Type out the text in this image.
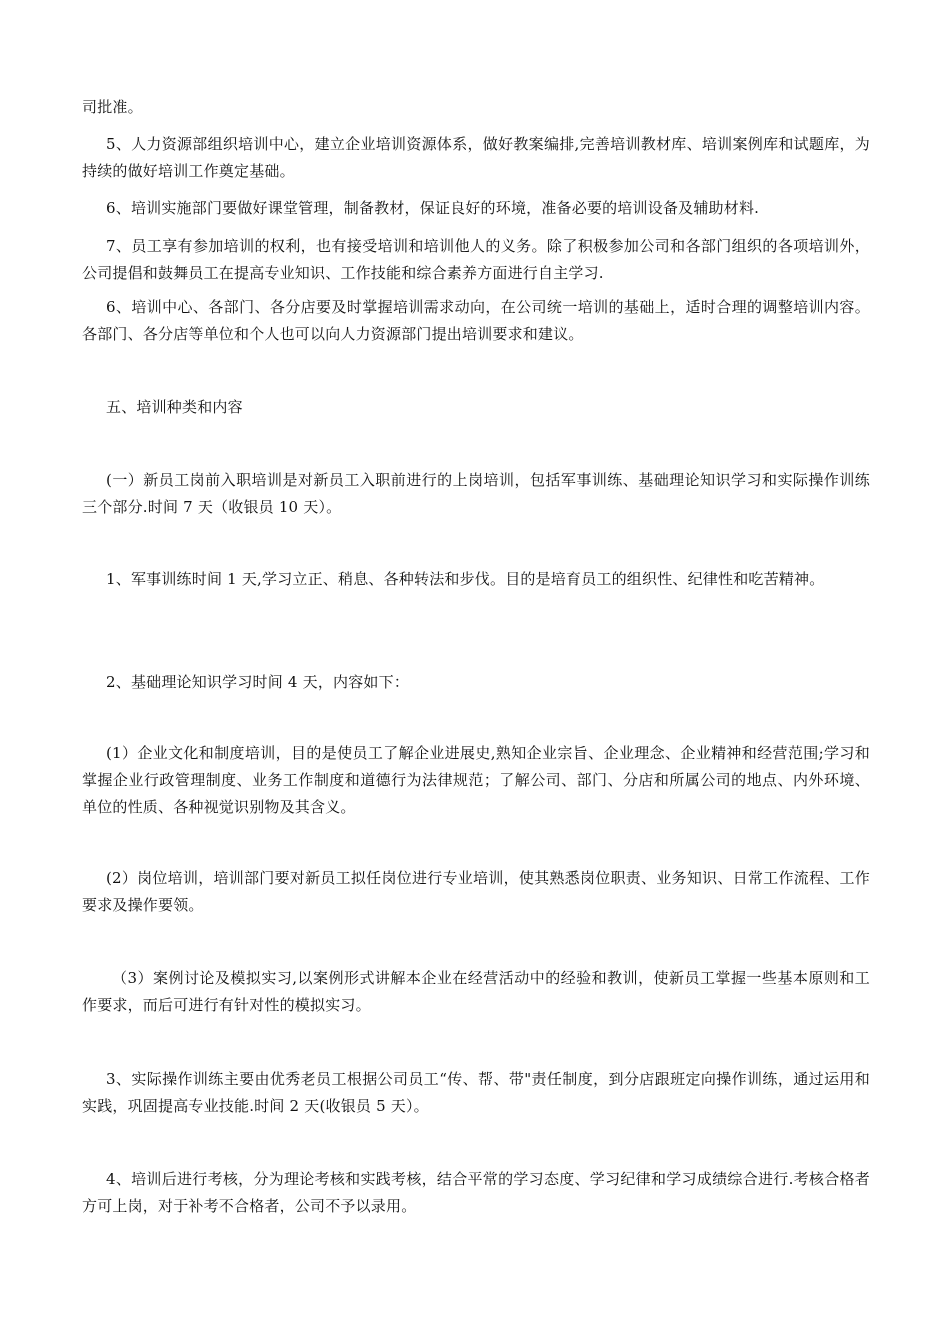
司批准。

5、人力资源部组织培训中心，建立企业培训资源体系，做好教案编排,完善培训教材库、培训案例库和试题库，为持续的做好培训工作奠定基础。

6、培训实施部门要做好课堂管理，制备教材，保证良好的环境，准备必要的培训设备及辅助材料.

7、员工享有参加培训的权利，也有接受培训和培训他人的义务。除了积极参加公司和各部门组织的各项培训外，公司提倡和鼓舞员工在提高专业知识、工作技能和综合素养方面进行自主学习.

6、培训中心、各部门、各分店要及时掌握培训需求动向，在公司统一培训的基础上，适时合理的调整培训内容。各部门、各分店等单位和个人也可以向人力资源部门提出培训要求和建议。

五、培训种类和内容

(一）新员工岗前入职培训是对新员工入职前进行的上岗培训，包括军事训练、基础理论知识学习和实际操作训练三个部分.时间 7 天（收银员 10 天）。

1、军事训练时间 1 天,学习立正、稍息、各种转法和步伐。目的是培育员工的组织性、纪律性和吃苦精神。

2、基础理论知识学习时间 4 天，内容如下：

(1）企业文化和制度培训，目的是使员工了解企业进展史,熟知企业宗旨、企业理念、企业精神和经营范围;学习和掌握企业行政管理制度、业务工作制度和道德行为法律规范；了解公司、部门、分店和所属公司的地点、内外环境、单位的性质、各种视觉识别物及其含义。

(2）岗位培训，培训部门要对新员工拟任岗位进行专业培训，使其熟悉岗位职责、业务知识、日常工作流程、工作要求及操作要领。

（3）案例讨论及模拟实习,以案例形式讲解本企业在经营活动中的经验和教训，使新员工掌握一些基本原则和工作要求，而后可进行有针对性的模拟实习。

3、实际操作训练主要由优秀老员工根据公司员工“传、帮、带"责任制度，到分店跟班定向操作训练，通过运用和实践，巩固提高专业技能.时间 2 天(收银员 5 天）。

4、培训后进行考核，分为理论考核和实践考核，结合平常的学习态度、学习纪律和学习成绩综合进行.考核合格者方可上岗，对于补考不合格者，公司不予以录用。
